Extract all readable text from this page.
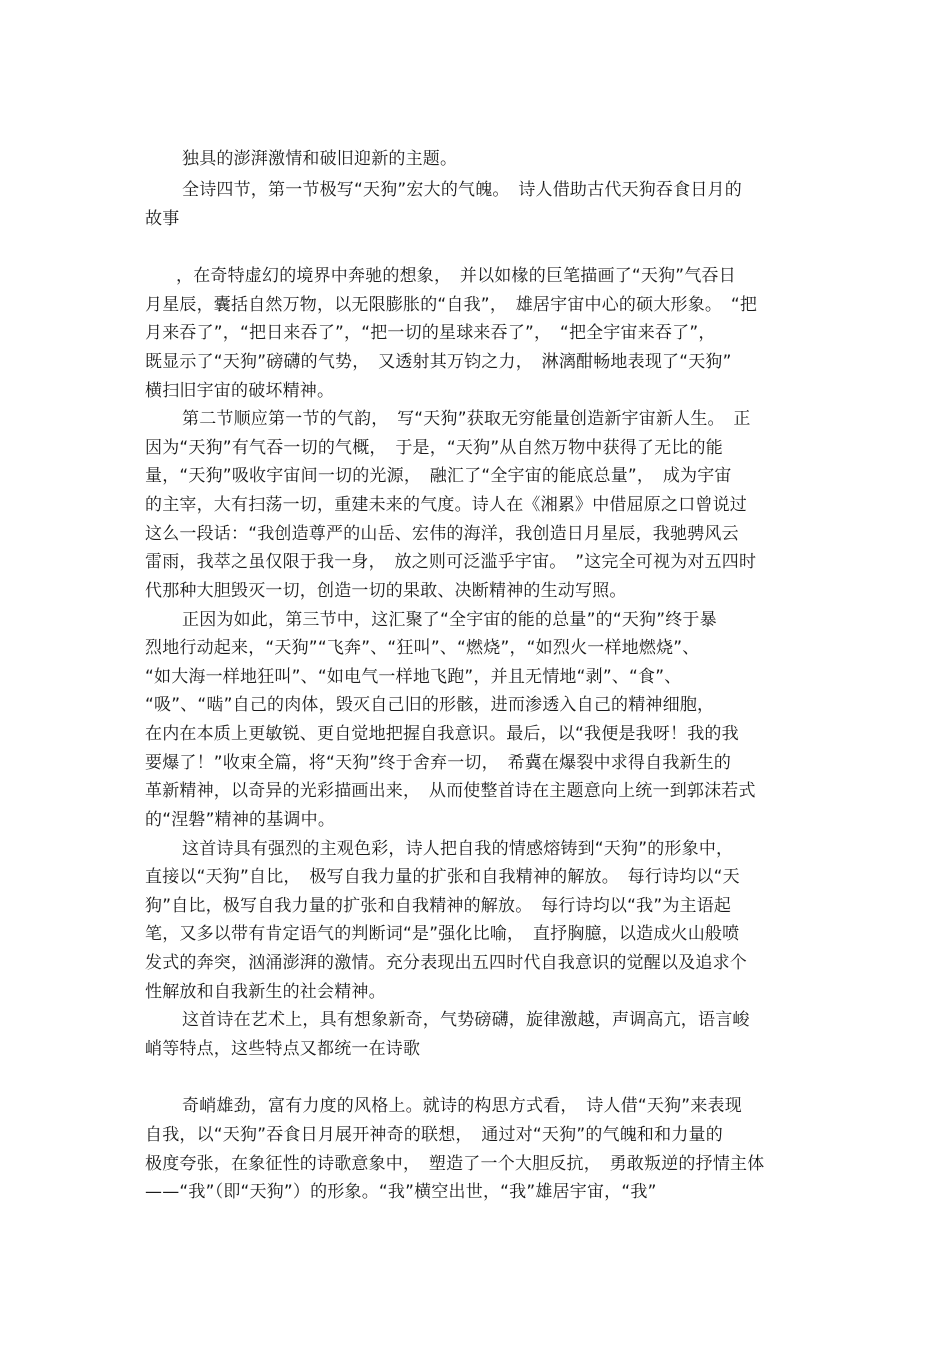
独具的澎湃激情和破旧迎新的主题。
全诗四节，第一节极写“天狗”宏大的气魄。　诗人借助古代天狗吞食日月的
故事
，在奇特虚幻的境界中奔驰的想象，　并以如椽的巨笔描画了“天狗”气吞日
月星辰，囊括自然万物，以无限膨胀的“自我”，　雄居宇宙中心的硕大形象。　“把
月来吞了”，“把日来吞了”，“把一切的星球来吞了”，　“把全宇宙来吞了”，
既显示了“天狗”磅礴的气势，　又透射其万钧之力，　淋漓酣畅地表现了“天狗”
横扫旧宇宙的破坏精神。
第二节顺应第一节的气韵，　写“天狗”获取无穷能量创造新宇宙新人生。　正
因为“天狗”有气吞一切的气概，　于是，“天狗”从自然万物中获得了无比的能
量，“天狗”吸收宇宙间一切的光源，　融汇了“全宇宙的能底总量”，　成为宇宙
的主宰，大有扫荡一切，重建未来的气度。诗人在《湘累》中借屈原之口曾说过
这么一段话：“我创造尊严的山岳、宏伟的海洋，我创造日月星辰，我驰骋风云
雷雨，我萃之虽仅限于我一身，　放之则可泛滥乎宇宙。　”这完全可视为对五四时
代那种大胆毁灭一切，创造一切的果敢、决断精神的生动写照。
正因为如此，第三节中，这汇聚了“全宇宙的能的总量”的“天狗”终于暴
烈地行动起来，“天狗”“飞奔”、“狂叫”、“燃烧”，“如烈火一样地燃烧”、
“如大海一样地狂叫”、“如电气一样地飞跑”，并且无情地“剥”、“食”、
“吸”、“啮”自己的肉体，毁灭自己旧的形骸，进而渗透入自己的精神细胞，
在内在本质上更敏锐、更自觉地把握自我意识。最后，以“我便是我呀！我的我
要爆了！”收束全篇，将“天狗”终于舍弃一切，　希冀在爆裂中求得自我新生的
革新精神，以奇异的光彩描画出来，　从而使整首诗在主题意向上统一到郭沫若式
的“涅磐”精神的基调中。
这首诗具有强烈的主观色彩，诗人把自我的情感熔铸到“天狗”的形象中，
直接以“天狗”自比，　极写自我力量的扩张和自我精神的解放。　每行诗均以“天
狗”自比，极写自我力量的扩张和自我精神的解放。　每行诗均以“我”为主语起
笔，又多以带有肯定语气的判断词“是”强化比喻，　直抒胸臆，以造成火山般喷
发式的奔突，汹涌澎湃的激情。充分表现出五四时代自我意识的觉醒以及追求个
性解放和自我新生的社会精神。
这首诗在艺术上，具有想象新奇，气势磅礴，旋律激越，声调高亢，语言峻
峭等特点，这些特点又都统一在诗歌
奇峭雄劲，富有力度的风格上。就诗的构思方式看，　诗人借“天狗”来表现
自我，以“天狗”吞食日月展开神奇的联想，　通过对“天狗”的气魄和和力量的
极度夸张，在象征性的诗歌意象中，　塑造了一个大胆反抗，　勇敢叛逆的抒情主体
——“我”（即“天狗”）的形象。“我”横空出世，“我”雄居宇宙，“我”
